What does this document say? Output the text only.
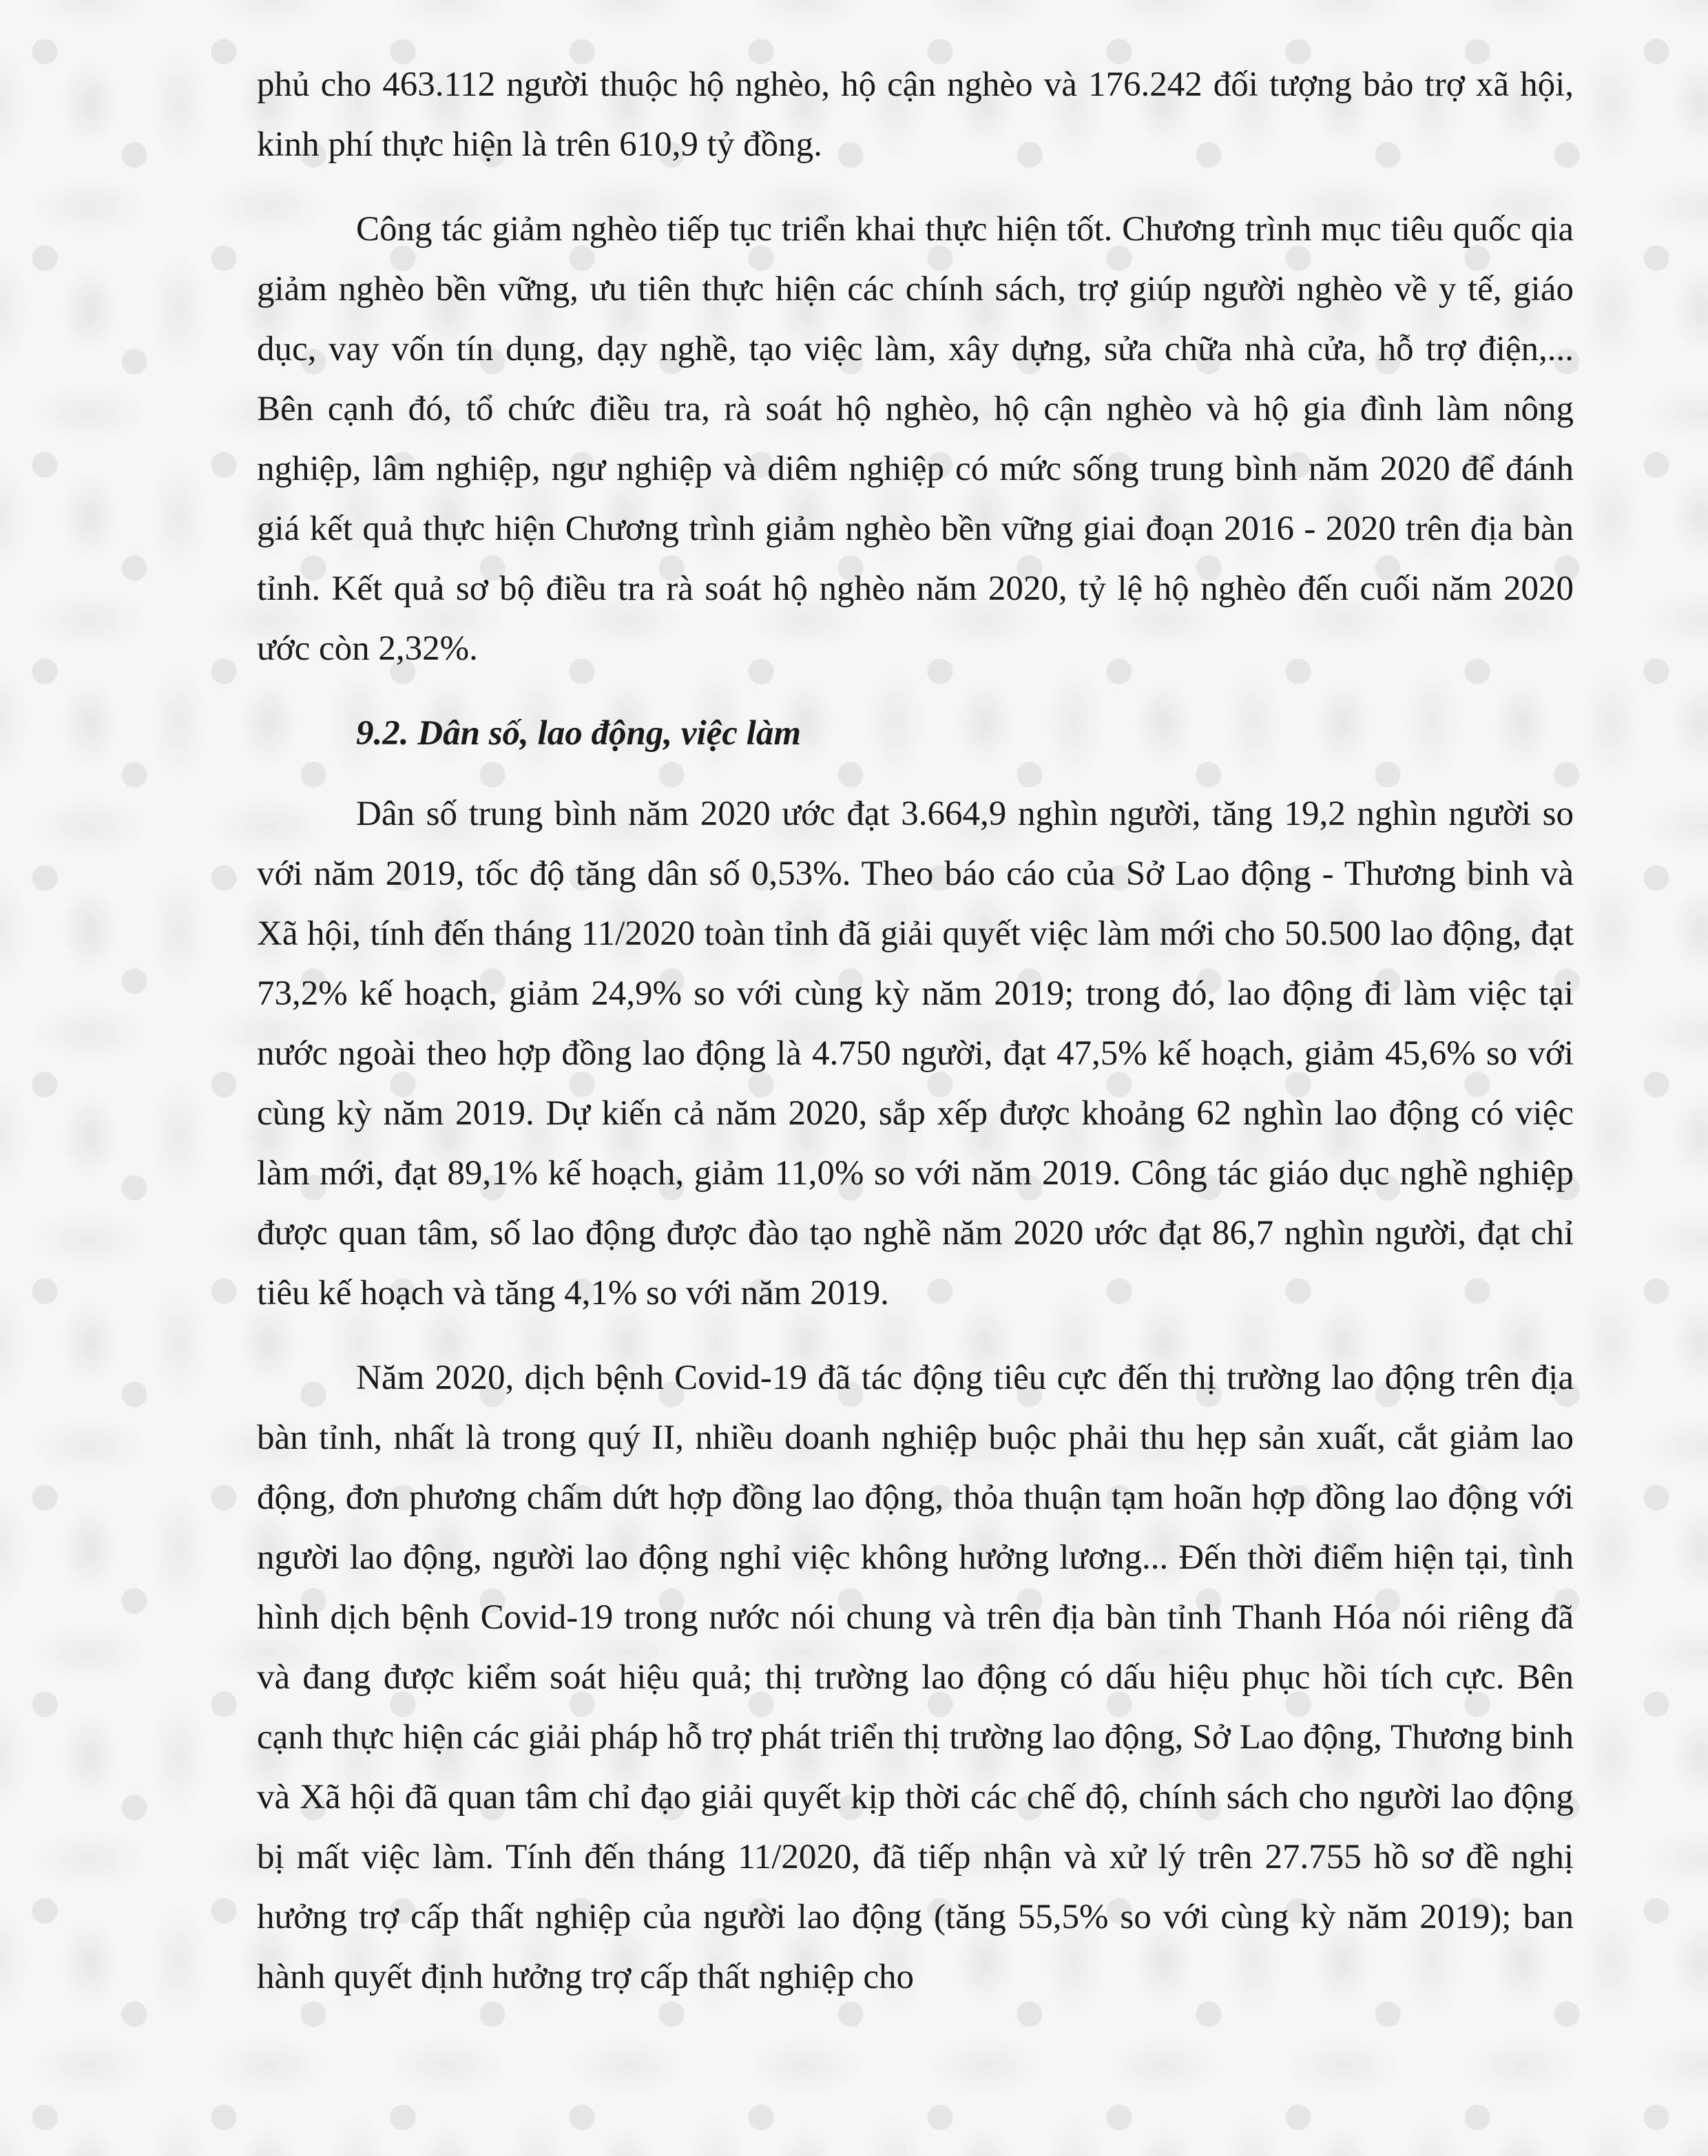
phủ cho 463.112 người thuộc hộ nghèo, hộ cận nghèo và 176.242 đối tượng bảo trợ xã hội, kinh phí thực hiện là trên 610,9 tỷ đồng.

Công tác giảm nghèo tiếp tục triển khai thực hiện tốt. Chương trình mục tiêu quốc qia giảm nghèo bền vững, ưu tiên thực hiện các chính sách, trợ giúp người nghèo về y tế, giáo dục, vay vốn tín dụng, dạy nghề, tạo việc làm, xây dựng, sửa chữa nhà cửa, hỗ trợ điện,... Bên cạnh đó, tổ chức điều tra, rà soát hộ nghèo, hộ cận nghèo và hộ gia đình làm nông nghiệp, lâm nghiệp, ngư nghiệp và diêm nghiệp có mức sống trung bình năm 2020 để đánh giá kết quả thực hiện Chương trình giảm nghèo bền vững giai đoạn 2016 - 2020 trên địa bàn tỉnh. Kết quả sơ bộ điều tra rà soát hộ nghèo năm 2020, tỷ lệ hộ nghèo đến cuối năm 2020 ước còn 2,32%.

9.2. Dân số, lao động, việc làm

Dân số trung bình năm 2020 ước đạt 3.664,9 nghìn người, tăng 19,2 nghìn người so với năm 2019, tốc độ tăng dân số 0,53%. Theo báo cáo của Sở Lao động - Thương binh và Xã hội, tính đến tháng 11/2020 toàn tỉnh đã giải quyết việc làm mới cho 50.500 lao động, đạt 73,2% kế hoạch, giảm 24,9% so với cùng kỳ năm 2019; trong đó, lao động đi làm việc tại nước ngoài theo hợp đồng lao động là 4.750 người, đạt 47,5% kế hoạch, giảm 45,6% so với cùng kỳ năm 2019. Dự kiến cả năm 2020, sắp xếp được khoảng 62 nghìn lao động có việc làm mới, đạt 89,1% kế hoạch, giảm 11,0% so với năm 2019. Công tác giáo dục nghề nghiệp được quan tâm, số lao động được đào tạo nghề năm 2020 ước đạt 86,7 nghìn người, đạt chỉ tiêu kế hoạch và tăng 4,1% so với năm 2019.

Năm 2020, dịch bệnh Covid-19 đã tác động tiêu cực đến thị trường lao động trên địa bàn tỉnh, nhất là trong quý II, nhiều doanh nghiệp buộc phải thu hẹp sản xuất, cắt giảm lao động, đơn phương chấm dứt hợp đồng lao động, thỏa thuận tạm hoãn hợp đồng lao động với người lao động, người lao động nghỉ việc không hưởng lương... Đến thời điểm hiện tại, tình hình dịch bệnh Covid-19 trong nước nói chung và trên địa bàn tỉnh Thanh Hóa nói riêng đã và đang được kiểm soát hiệu quả; thị trường lao động có dấu hiệu phục hồi tích cực. Bên cạnh thực hiện các giải pháp hỗ trợ phát triển thị trường lao động, Sở Lao động, Thương binh và Xã hội đã quan tâm chỉ đạo giải quyết kịp thời các chế độ, chính sách cho người lao động bị mất việc làm. Tính đến tháng 11/2020, đã tiếp nhận và xử lý trên 27.755 hồ sơ đề nghị hưởng trợ cấp thất nghiệp của người lao động (tăng 55,5% so với cùng kỳ năm 2019); ban hành quyết định hưởng trợ cấp thất nghiệp cho
